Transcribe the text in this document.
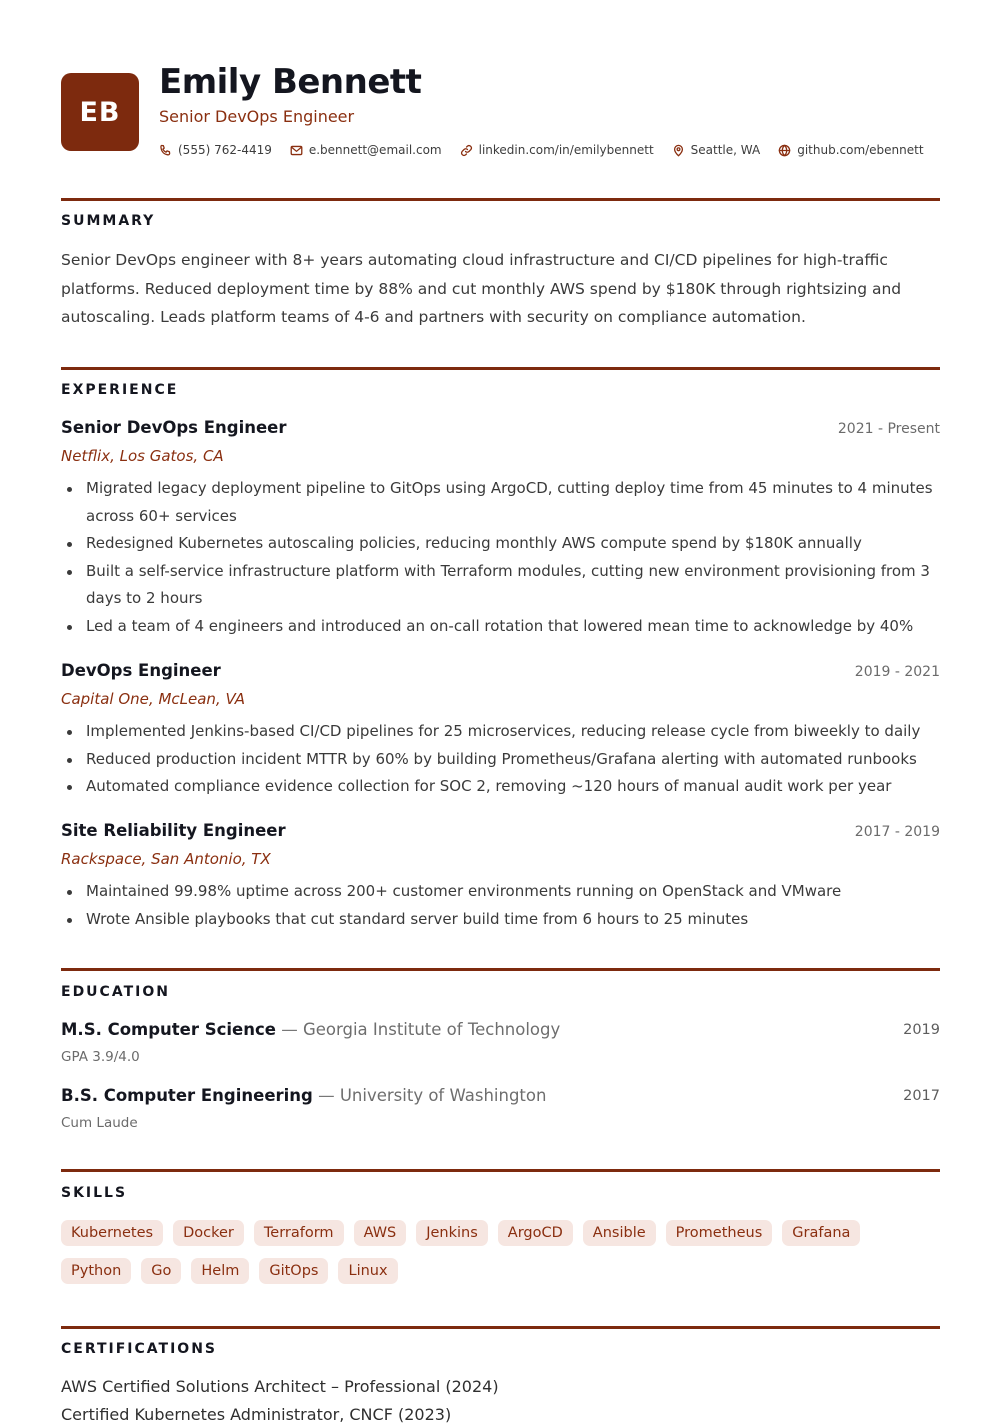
EB
Emily Bennett
Senior DevOps Engineer
(555) 762-4419	e.bennett@email.com	linkedin.com/in/emilybennett	Seattle, WA	github.com/ebennett
SUMMARY

Senior DevOps engineer with 8+ years automating cloud infrastructure and CI/CD pipelines for high-traffic platforms. Reduced deployment time by 88% and cut monthly AWS spend by $180K through rightsizing and autoscaling. Leads platform teams of 4-6 and partners with security on compliance automation.

EXPERIENCE
Senior DevOps Engineer	2021 - Present
Netflix, Los Gatos, CA
Migrated legacy deployment pipeline to GitOps using ArgoCD, cutting deploy time from 45 minutes to 4 minutes across 60+ services
Redesigned Kubernetes autoscaling policies, reducing monthly AWS compute spend by $180K annually
Built a self-service infrastructure platform with Terraform modules, cutting new environment provisioning from 3 days to 2 hours
Led a team of 4 engineers and introduced an on-call rotation that lowered mean time to acknowledge by 40%
DevOps Engineer	2019 - 2021
Capital One, McLean, VA
Implemented Jenkins-based CI/CD pipelines for 25 microservices, reducing release cycle from biweekly to daily
Reduced production incident MTTR by 60% by building Prometheus/Grafana alerting with automated runbooks
Automated compliance evidence collection for SOC 2, removing ~120 hours of manual audit work per year
Site Reliability Engineer	2017 - 2019
Rackspace, San Antonio, TX
Maintained 99.98% uptime across 200+ customer environments running on OpenStack and VMware
Wrote Ansible playbooks that cut standard server build time from 6 hours to 25 minutes
EDUCATION
M.S. Computer Science — Georgia Institute of Technology	2019
GPA 3.9/4.0
B.S. Computer Engineering — University of Washington	2017
Cum Laude
SKILLS
Kubernetes	Docker	Terraform	AWS	Jenkins	ArgoCD	Ansible	Prometheus	Grafana
Python	Go	Helm	GitOps	Linux
CERTIFICATIONS
AWS Certified Solutions Architect – Professional (2024)
Certified Kubernetes Administrator, CNCF (2023)
